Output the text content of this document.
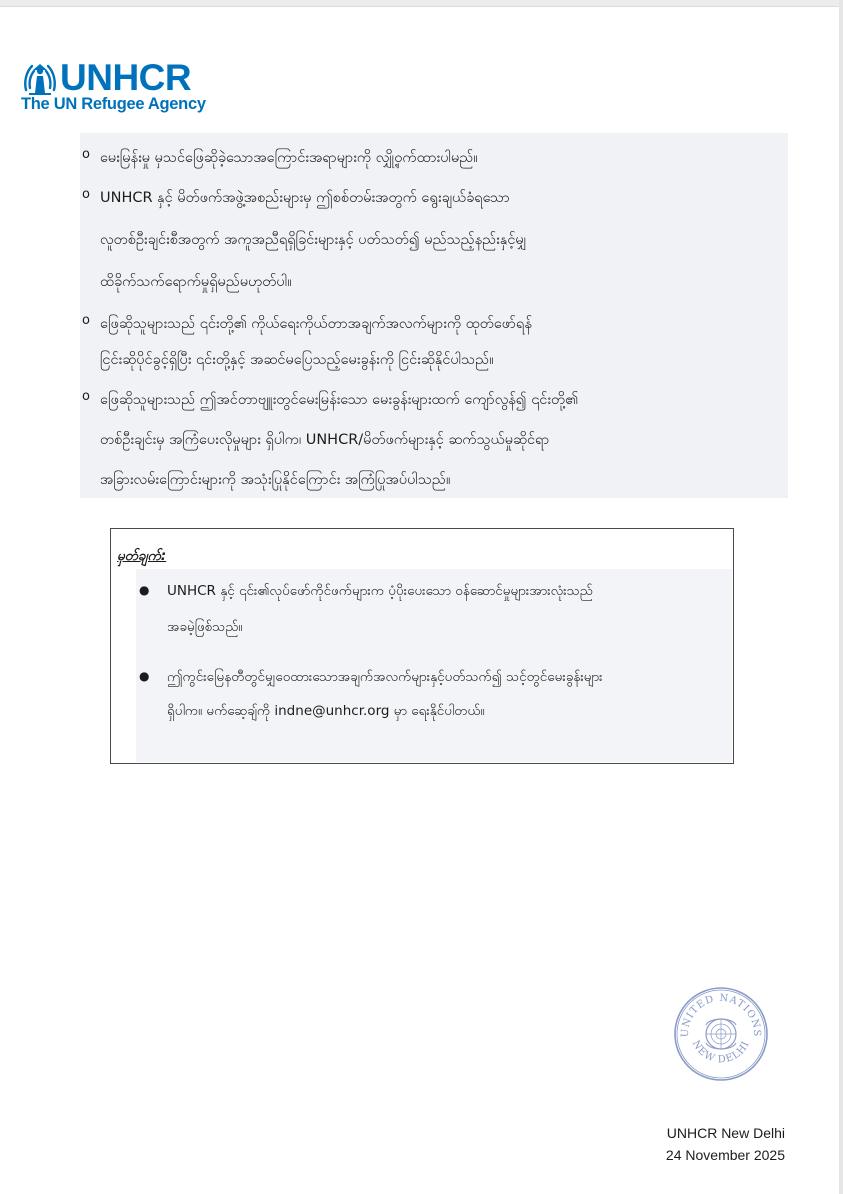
UNHCR
The UN Refugee Agency
o မေးမြန်းမှု မှသင်ဖြေဆိုခဲ့သောအကြောင်းအရာများကို လျှို့ဝှက်ထားပါမည်။
o UNHCR နှင့် မိတ်ဖက်အဖွဲ့အစည်းများမှ ဤစစ်တမ်းအတွက် ရွေးချယ်ခံရသော
လူတစ်ဦးချင်းစီအတွက် အကူအညီရရှိခြင်းများနှင့် ပတ်သတ်၍ မည်သည့်နည်းနှင့်မျှ
ထိခိုက်သက်ရောက်မှုရှိမည်မဟုတ်ပါ။
o ဖြေဆိုသူများသည် ၎င်းတို့၏ ကိုယ်ရေးကိုယ်တာအချက်အလက်များကို ထုတ်ဖော်ရန်
ငြင်းဆိုပိုင်ခွင့်ရှိပြီး ၎င်းတို့နှင့် အဆင်မပြေသည့်မေးခွန်းကို ငြင်းဆိုနိုင်ပါသည်။
o ဖြေဆိုသူများသည် ဤအင်တာဗျူးတွင်မေးမြန်းသော မေးခွန်းများထက် ကျော်လွန်၍ ၎င်းတို့၏
တစ်ဦးချင်းမှ အကြံပေးလိုမှုများ ရှိပါက၊ UNHCR/မိတ်ဖက်များနှင့် ဆက်သွယ်မှုဆိုင်ရာ
အခြားလမ်းကြောင်းများကို အသုံးပြုနိုင်ကြောင်း အကြံပြုအပ်ပါသည်။
မှတ်ချက်:
● UNHCR နှင့် ၎င်း၏လုပ်ဖော်ကိုင်ဖက်များက ပံ့ပိုးပေးသော ဝန်ဆောင်မှုများအားလုံးသည်
အခမဲ့ဖြစ်သည်။
● ဤကွင်းမြေနတီတွင်မျှဝေထားသောအချက်အလက်များနှင့်ပတ်သက်၍ သင့်တွင်မေးခွန်းများ
ရှိပါက။ မက်ဆေ့ချ်ကို indne@unhcr.org မှာ ရေးနိုင်ပါတယ်။
UNITED NATIONS
NEW DELHI
UNHCR New Delhi
24 November 2025
